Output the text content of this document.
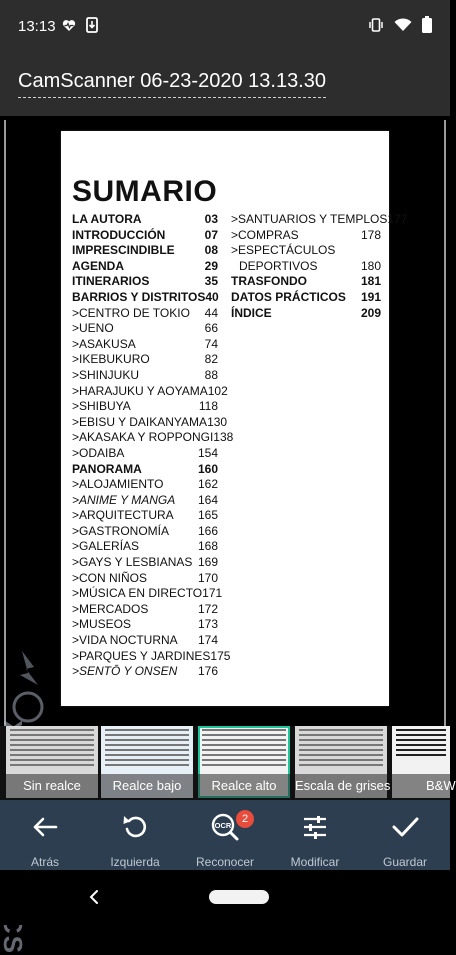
13:13
CamScanner 06-23-2020 13.13.30
SUMARIO
LA AUTORA	03
INTRODUCCIÓN	07
IMPRESCINDIBLE 08
AGENDA	29
ITINERARIOS	35
BARRIOS Y DISTRITOS 40
>CENTRO DE TOKIO 44
>UENO	66
>ASAKUSA	74
>IKEBUKURO	82
>SHINJUKU	88
>HARAJUKU Y AOYAMA 102
>SHIBUYA	118
>EBISU Y DAIKANYAMA 130
>AKASAKA Y ROPPONGI 138
>ODAIBA	154
PANORAMA	160
>ALOJAMIENTO	162
>ANIME Y MANGA 164
>ARQUITECTURA 165
>GASTRONOMÍA 166
>GALERÍAS	168
>GAYS Y LESBIANAS 169
>CON NIÑOS	170
>MÚSICA EN DIRECTO 171
>MERCADOS	172
>MUSEOS	173
>VIDA NOCTURNA 174
>PARQUES Y JARDINES 175
>SENTŌ Y ONSEN 176
>SANTUARIOS Y TEMPLOS 177
>COMPRAS	178
>ESPECTÁCULOS
DEPORTIVOS	180
TRASFONDO	181
DATOS PRÁCTICOS 191
ÍNDICE	209
Sin realce	Realce bajo	Realce alto	Escala de grises	B&W
Atrás	Izquierda
OCR
2
Reconocer	Modificar	Guardar
